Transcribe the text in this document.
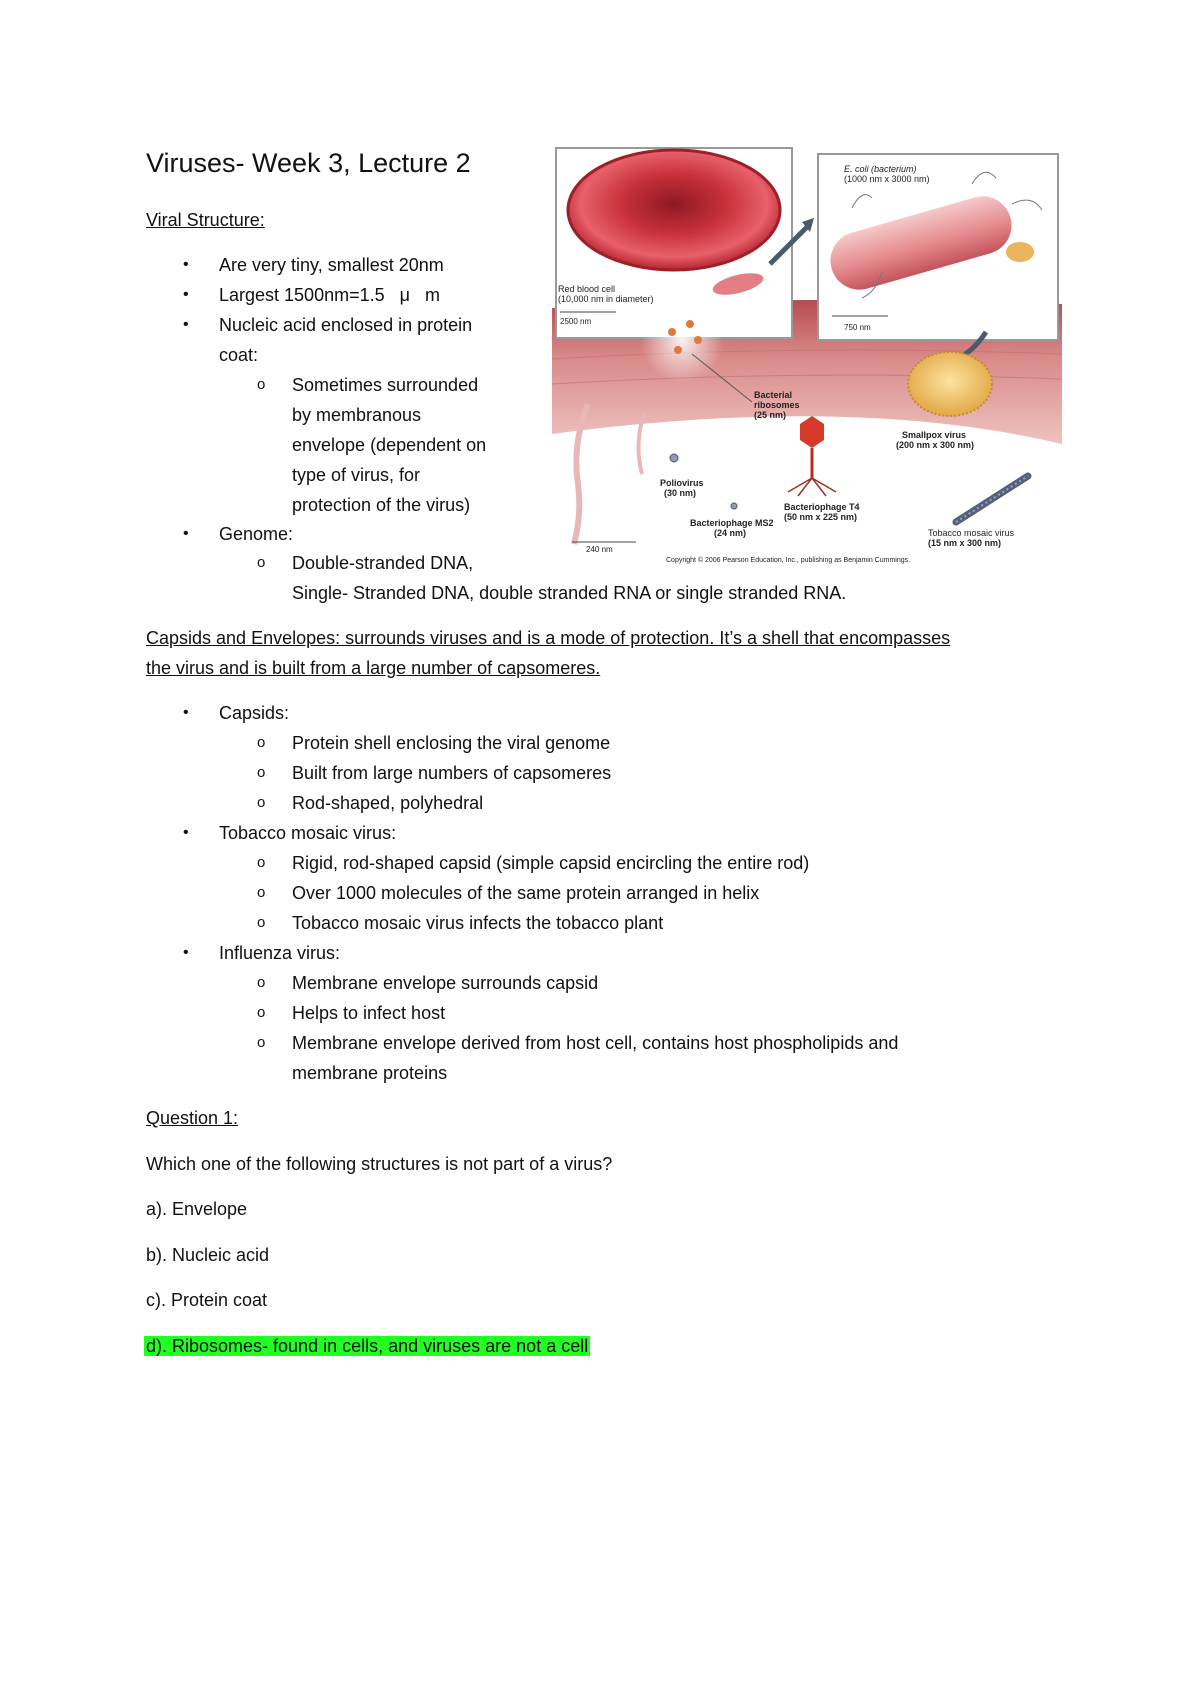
Viruses- Week 3, Lecture 2
Viral Structure:
• Are very tiny, smallest 20nm
• Largest 1500nm=1.5   μ   m
• Nucleic acid enclosed in protein
coat:
o Sometimes surrounded
by membranous
envelope (dependent on
type of virus, for
protection of the virus)
• Genome:
o Double-stranded DNA,
Single- Stranded DNA, double stranded RNA or single stranded RNA.
Capsids and Envelopes: surrounds viruses and is a mode of protection. It’s a shell that encompasses
the virus and is built from a large number of capsomeres.
• Capsids:
o Protein shell enclosing the viral genome
o Built from large numbers of capsomeres
o Rod-shaped, polyhedral
• Tobacco mosaic virus:
o Rigid, rod-shaped capsid (simple capsid encircling the entire rod)
o Over 1000 molecules of the same protein arranged in helix
o Tobacco mosaic virus infects the tobacco plant
• Influenza virus:
o Membrane envelope surrounds capsid
o Helps to infect host
o Membrane envelope derived from host cell, contains host phospholipids and
membrane proteins
Question 1:
Which one of the following structures is not part of a virus?
a). Envelope
b). Nucleic acid
c). Protein coat
d). Ribosomes- found in cells, and viruses are not a cell
Red blood cell
(10,000 nm in diameter)
2500 nm
E. coli (bacterium)
(1000 nm x 3000 nm)
750 nm
Bacterial
ribosomes
(25 nm)
Smallpox virus
(200 nm x 300 nm)
Bacteriophage T4
(50 nm x 225 nm)
Poliovirus
(30 nm)
Bacteriophage MS2
(24 nm)	Tobacco mosaic virus
(15 nm x 300 nm)
240 nm
Copyright © 2006 Pearson Education, Inc., publishing as Benjamin Cummings.
